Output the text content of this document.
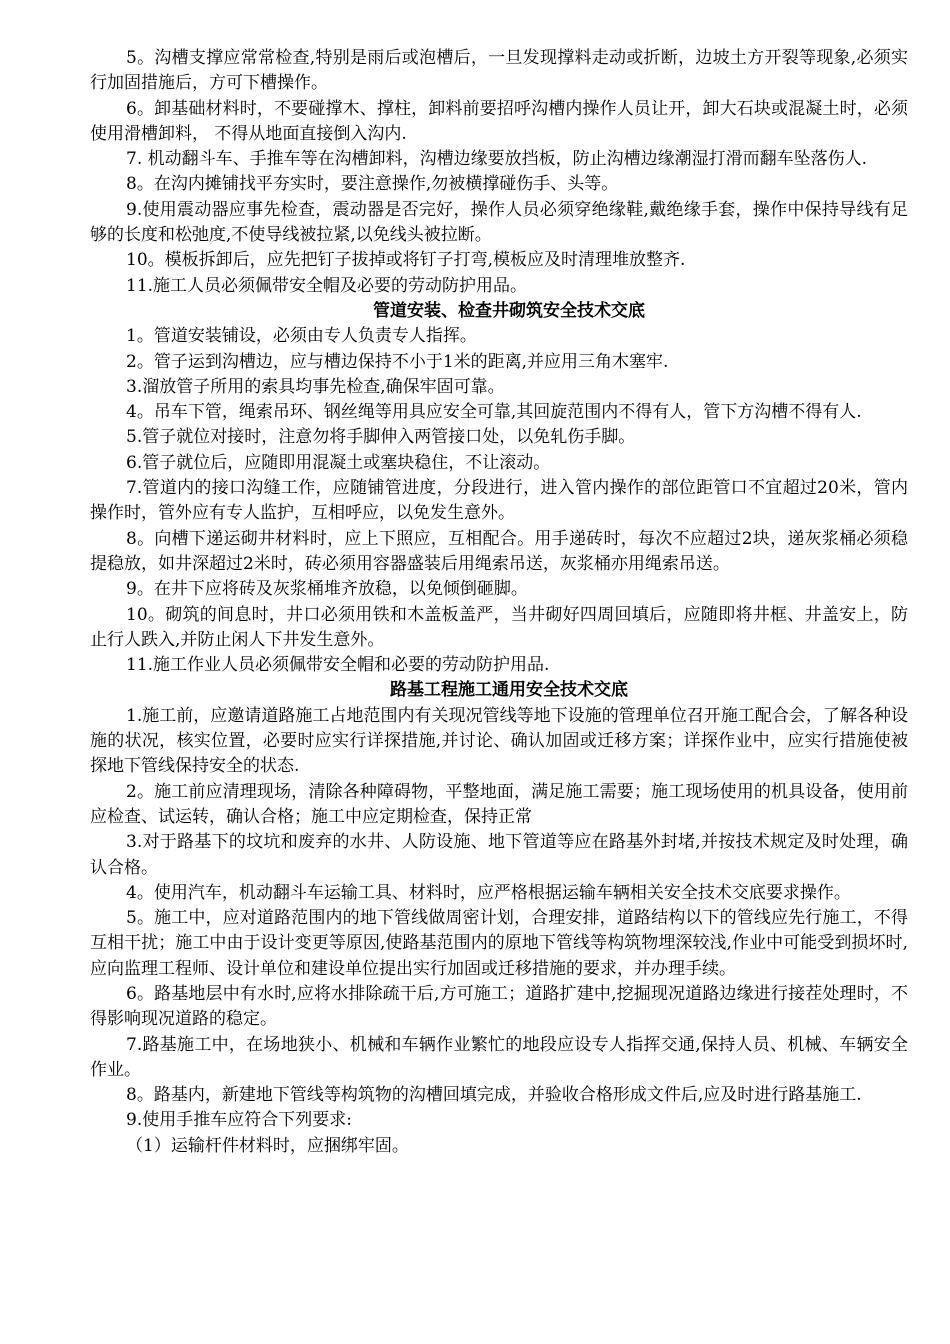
5。沟槽支撑应常常检查,特别是雨后或泡槽后，一旦发现撑料走动或折断，边坡土方开裂等现象,必须实行加固措施后，方可下槽操作。

6。卸基础材料时，不要碰撑木、撑柱，卸料前要招呼沟槽内操作人员让开，卸大石块或混凝土时，必须使用滑槽卸料， 不得从地面直接倒入沟内.

7. 机动翻斗车、手推车等在沟槽卸料，沟槽边缘要放挡板，防止沟槽边缘潮湿打滑而翻车坠落伤人.

8。在沟内摊铺找平夯实时，要注意操作,勿被横撑碰伤手、头等。

9.使用震动器应事先检查，震动器是否完好，操作人员必须穿绝缘鞋,戴绝缘手套，操作中保持导线有足够的长度和松弛度,不使导线被拉紧,以免线头被拉断。

10。模板拆卸后，应先把钉子拔掉或将钉子打弯,模板应及时清理堆放整齐.

11.施工人员必须佩带安全帽及必要的劳动防护用品。

管道安装、检查井砌筑安全技术交底

1。管道安装铺设，必须由专人负责专人指挥。

2。管子运到沟槽边，应与槽边保持不小于1米的距离,并应用三角木塞牢.

3.溜放管子所用的索具均事先检查,确保牢固可靠。

4。吊车下管，绳索吊环、钢丝绳等用具应安全可靠,其回旋范围内不得有人，管下方沟槽不得有人.

5.管子就位对接时，注意勿将手脚伸入两管接口处，以免轧伤手脚。

6.管子就位后，应随即用混凝土或塞块稳住，不让滚动。

7.管道内的接口沟缝工作，应随铺管进度，分段进行，进入管内操作的部位距管口不宜超过20米，管内操作时，管外应有专人监护，互相呼应，以免发生意外。

8。向槽下递运砌井材料时，应上下照应，互相配合。用手递砖时，每次不应超过2块，递灰浆桶必须稳提稳放，如井深超过2米时，砖必须用容器盛装后用绳索吊送，灰浆桶亦用绳索吊送。

9。在井下应将砖及灰浆桶堆齐放稳，以免倾倒砸脚。

10。砌筑的间息时，井口必须用铁和木盖板盖严，当井砌好四周回填后，应随即将井框、井盖安上，防止行人跌入,并防止闲人下井发生意外。

11.施工作业人员必须佩带安全帽和必要的劳动防护用品.

路基工程施工通用安全技术交底

1.施工前，应邀请道路施工占地范围内有关现况管线等地下设施的管理单位召开施工配合会，了解各种设施的状况，核实位置，必要时应实行详探措施,并讨论、确认加固或迁移方案；详探作业中，应实行措施使被探地下管线保持安全的状态.

2。施工前应清理现场，清除各种障碍物，平整地面，满足施工需要；施工现场使用的机具设备，使用前应检查、试运转，确认合格；施工中应定期检查，保持正常

3.对于路基下的坟坑和废弃的水井、人防设施、地下管道等应在路基外封堵,并按技术规定及时处理，确认合格。

4。使用汽车，机动翻斗车运输工具、材料时，应严格根据运输车辆相关安全技术交底要求操作。

5。施工中，应对道路范围内的地下管线做周密计划，合理安排，道路结构以下的管线应先行施工，不得互相干扰；施工中由于设计变更等原因,使路基范围内的原地下管线等构筑物埋深较浅,作业中可能受到损坏时,应向监理工程师、设计单位和建设单位提出实行加固或迁移措施的要求，并办理手续。

6。路基地层中有水时,应将水排除疏干后,方可施工；道路扩建中,挖掘现况道路边缘进行接茬处理时，不得影响现况道路的稳定。

7.路基施工中，在场地狭小、机械和车辆作业繁忙的地段应设专人指挥交通,保持人员、机械、车辆安全作业。

8。路基内，新建地下管线等构筑物的沟槽回填完成，并验收合格形成文件后,应及时进行路基施工.

9.使用手推车应符合下列要求:

（1）运输杆件材料时，应捆绑牢固。
